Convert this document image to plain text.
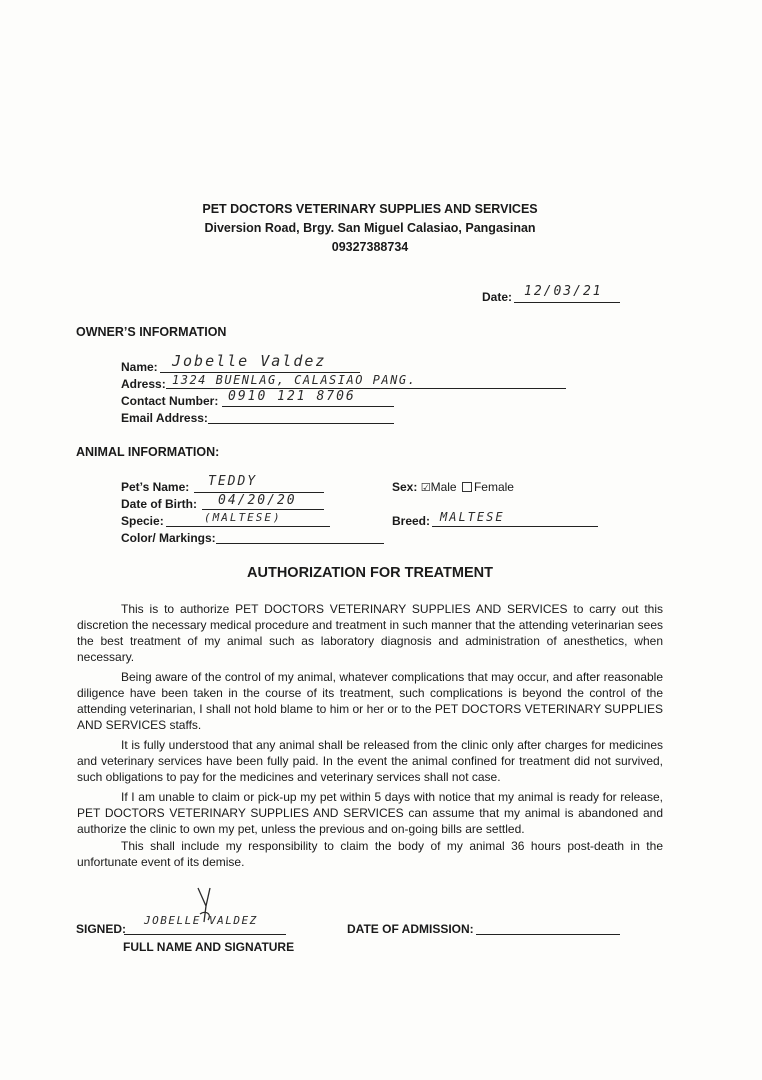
PET DOCTORS VETERINARY SUPPLIES AND SERVICES
Diversion Road, Brgy. San Miguel Calasiao, Pangasinan
09327388734
Date: 12/03/21
OWNER’S INFORMATION
Name: Jobelle Valdez
Adress: 1324 BUENLAG, CALASIAO PANG.
Contact Number: 0910 121 8706
Email Address:
ANIMAL INFORMATION:
Pet’s Name: TEDDY
Date of Birth: 04/20/20
Specie:	(MALTESE)
Color/ Markings:
Sex: ☑Male Female
Breed: MALTESE
AUTHORIZATION FOR TREATMENT

This is to authorize PET DOCTORS VETERINARY SUPPLIES AND SERVICES to carry out this discretion the necessary medical procedure and treatment in such manner that the attending veterinarian sees the best treatment of my animal such as laboratory diagnosis and administration of anesthetics, when necessary.

Being aware of the control of my animal, whatever complications that may occur, and after reasonable diligence have been taken in the course of its treatment, such complications is beyond the control of the attending veterinarian, I shall not hold blame to him or her or to the PET DOCTORS VETERINARY SUPPLIES AND SERVICES staffs.

It is fully understood that any animal shall be released from the clinic only after charges for medicines and veterinary services have been fully paid. In the event the animal confined for treatment did not survived, such obligations to pay for the medicines and veterinary services shall not case.

If I am unable to claim or pick-up my pet within 5 days with notice that my animal is ready for release, PET DOCTORS VETERINARY SUPPLIES AND SERVICES can assume that my animal is abandoned and authorize the clinic to own my pet, unless the previous and on-going bills are settled.

This shall include my responsibility to claim the body of my animal 36 hours post-death in the unfortunate event of its demise.

SIGNED:
JOBELLE VALDEZ
FULL NAME AND SIGNATURE
DATE OF ADMISSION:
